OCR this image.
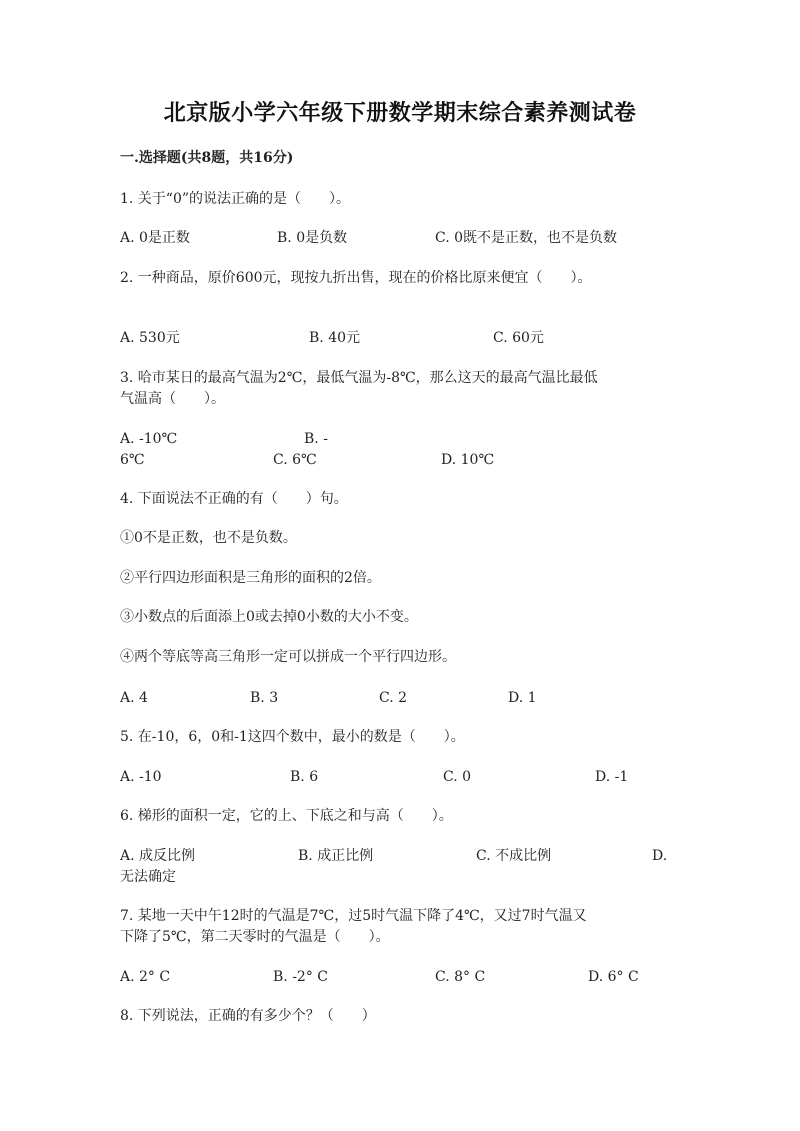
北京版小学六年级下册数学期末综合素养测试卷
一.选择题(共8题，共16分)
1. 关于“0”的说法正确的是（　　）。
A. 0是正数	B. 0是负数	C. 0既不是正数，也不是负数
2. 一种商品，原价600元，现按九折出售，现在的价格比原来便宜（　　）。
A. 530元	B. 40元	C. 60元
3. 哈市某日的最高气温为2℃，最低气温为-8℃，那么这天的最高气温比最低
气温高（　　）。
A. -10℃	B. -
6℃	C. 6℃	D. 10℃
4. 下面说法不正确的有（　　）句。
①0不是正数，也不是负数。
②平行四边形面积是三角形的面积的2倍。
③小数点的后面添上0或去掉0小数的大小不变。
④两个等底等高三角形一定可以拼成一个平行四边形。
A. 4	B. 3	C. 2	D. 1
5. 在-10，6，0和-1这四个数中，最小的数是（　　）。
A. -10	B. 6	C. 0	D. -1
6. 梯形的面积一定，它的上、下底之和与高（　　）。
A. 成反比例	B. 成正比例	C. 不成比例	D.
无法确定
7. 某地一天中午12时的气温是7℃，过5时气温下降了4℃，又过7时气温又
下降了5℃，第二天零时的气温是（　　）。
A. 2° C	B. -2° C	C. 8° C	D. 6° C
8. 下列说法，正确的有多少个？（　　）
